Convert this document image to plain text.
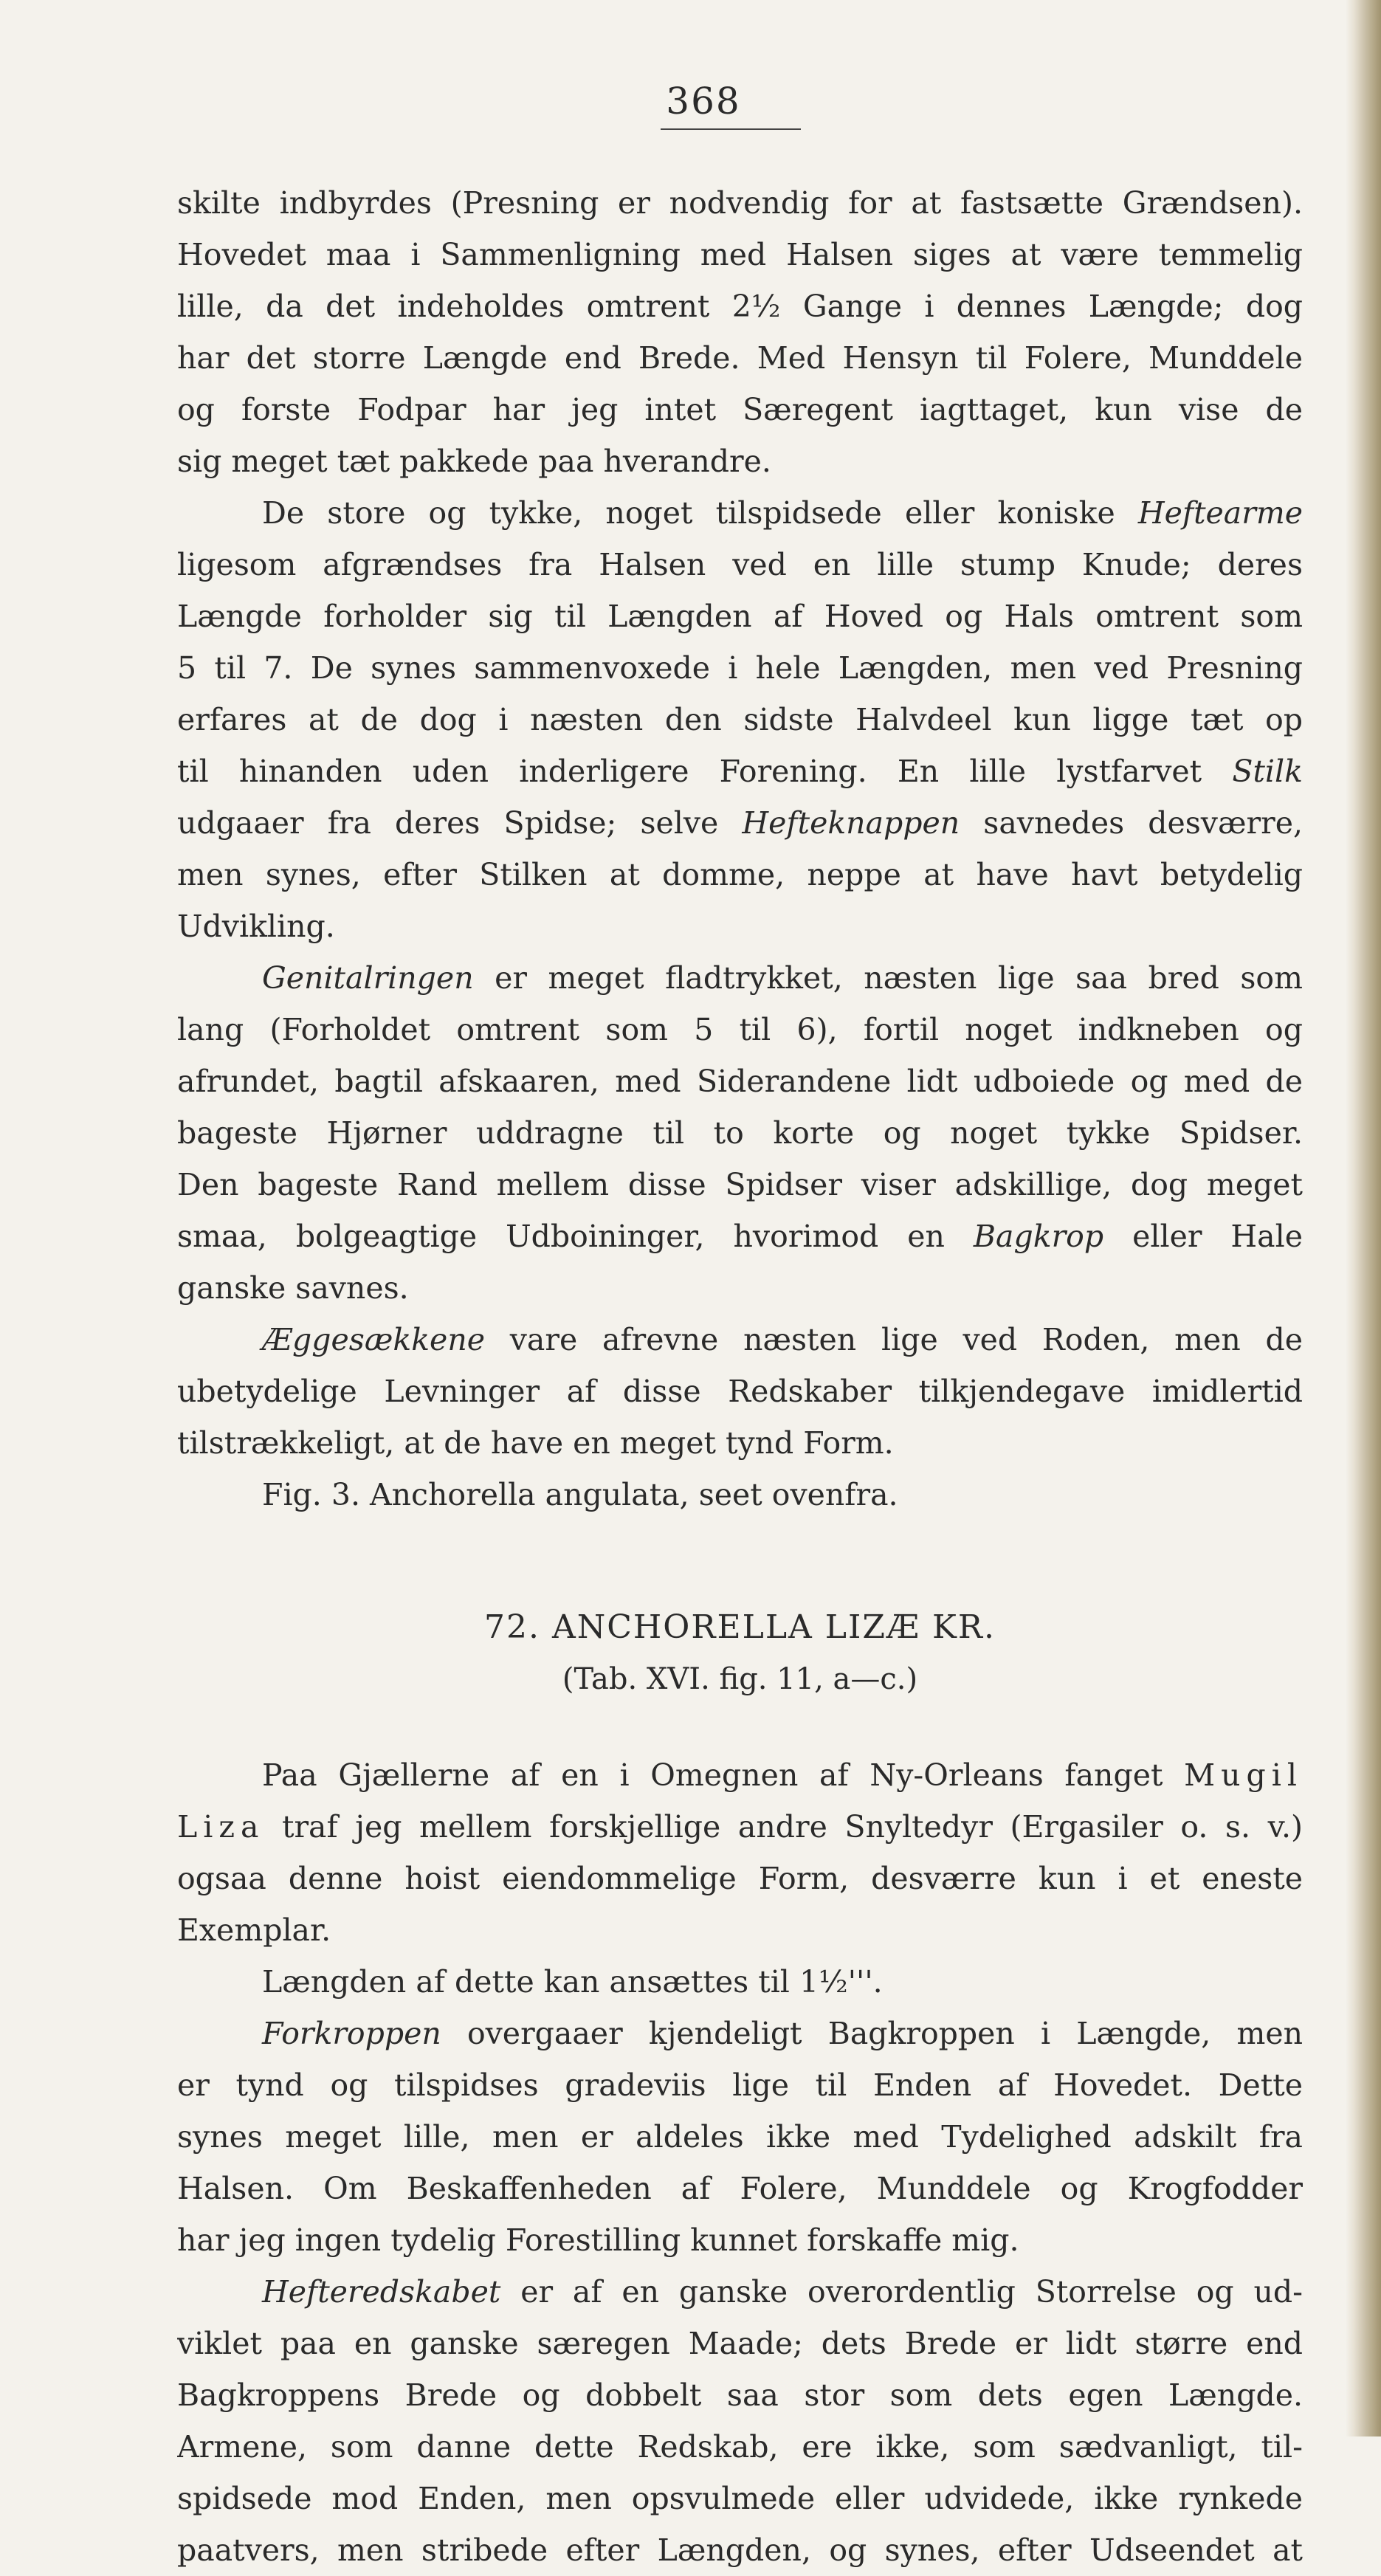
368
skilte indbyrdes (Presning er nodvendig for at fastsætte Grændsen).
Hovedet maa i Sammenligning med Halsen siges at være temmelig
lille, da det indeholdes omtrent 2½ Gange i dennes Længde; dog
har det storre Længde end Brede. Med Hensyn til Folere, Munddele
og forste Fodpar har jeg intet Særegent iagttaget, kun vise de
sig meget tæt pakkede paa hverandre.
De store og tykke, noget tilspidsede eller koniske Heftearme
ligesom afgrændses fra Halsen ved en lille stump Knude; deres
Længde forholder sig til Længden af Hoved og Hals omtrent som
5 til 7. De synes sammenvoxede i hele Længden, men ved Presning
erfares at de dog i næsten den sidste Halvdeel kun ligge tæt op
til hinanden uden inderligere Forening. En lille lystfarvet Stilk
udgaaer fra deres Spidse; selve Hefteknappen savnedes desværre,
men synes, efter Stilken at domme, neppe at have havt betydelig
Udvikling.
Genitalringen er meget fladtrykket, næsten lige saa bred som
lang (Forholdet omtrent som 5 til 6), fortil noget indkneben og
afrundet, bagtil afskaaren, med Siderandene lidt udboiede og med de
bageste Hjørner uddragne til to korte og noget tykke Spidser.
Den bageste Rand mellem disse Spidser viser adskillige, dog meget
smaa, bolgeagtige Udboininger, hvorimod en Bagkrop eller Hale
ganske savnes.
Æggesækkene vare afrevne næsten lige ved Roden, men de
ubetydelige Levninger af disse Redskaber tilkjendegave imidlertid
tilstrækkeligt, at de have en meget tynd Form.
Fig. 3. Anchorella angulata, seet ovenfra.
72. ANCHORELLA LIZÆ KR.
(Tab. XVI. fig. 11, a—c.)
Paa Gjællerne af en i Omegnen af Ny-Orleans fanget Mugil
Liza traf jeg mellem forskjellige andre Snyltedyr (Ergasiler o. s. v.)
ogsaa denne hoist eiendommelige Form, desværre kun i et eneste
Exemplar.
Længden af dette kan ansættes til 1½'''.
Forkroppen overgaaer kjendeligt Bagkroppen i Længde, men
er tynd og tilspidses gradeviis lige til Enden af Hovedet. Dette
synes meget lille, men er aldeles ikke med Tydelighed adskilt fra
Halsen. Om Beskaffenheden af Folere, Munddele og Krogfodder
har jeg ingen tydelig Forestilling kunnet forskaffe mig.
Hefteredskabet er af en ganske overordentlig Storrelse og ud-
viklet paa en ganske særegen Maade; dets Brede er lidt større end
Bagkroppens Brede og dobbelt saa stor som dets egen Længde.
Armene, som danne dette Redskab, ere ikke, som sædvanligt, til-
spidsede mod Enden, men opsvulmede eller udvidede, ikke rynkede
paatvers, men stribede efter Længden, og synes, efter Udseendet at
